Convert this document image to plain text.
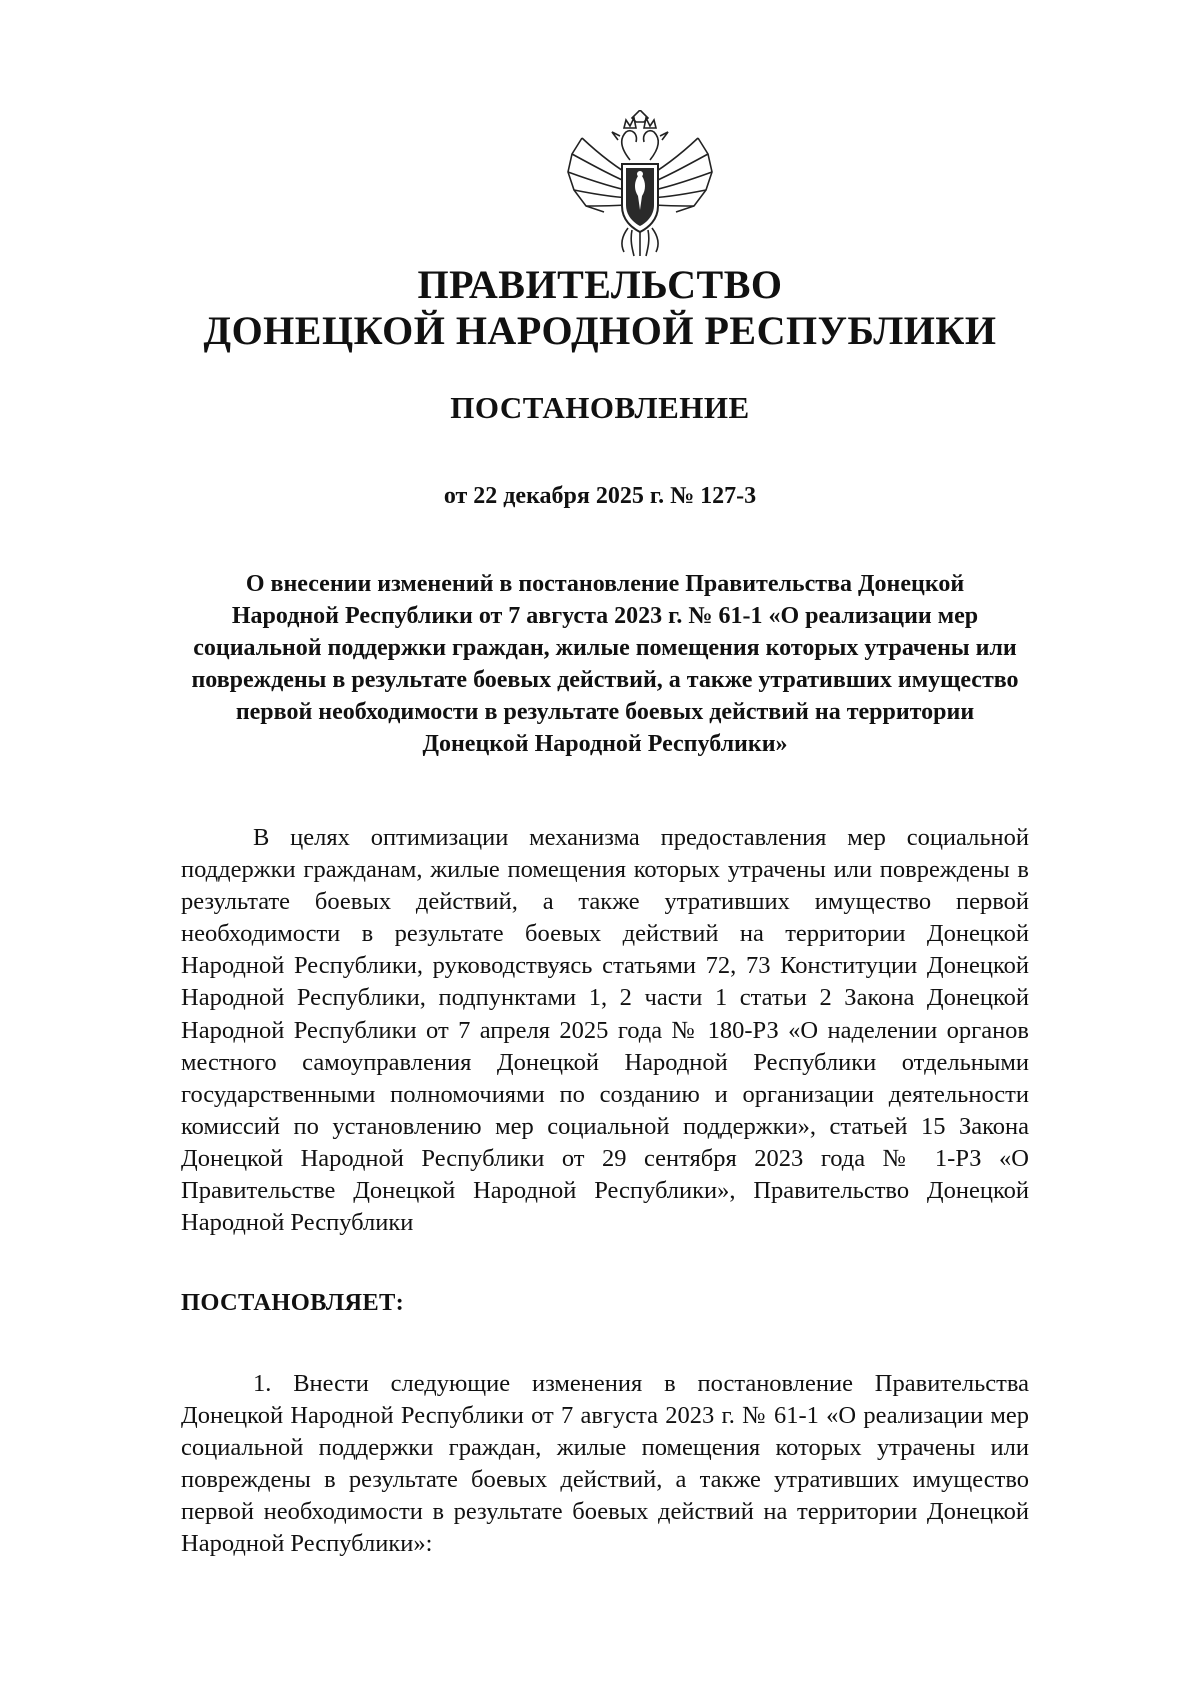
ПРАВИТЕЛЬСТВО
ДОНЕЦКОЙ НАРОДНОЙ РЕСПУБЛИКИ
ПОСТАНОВЛЕНИЕ

от 22 декабря 2025 г. № 127-3

О внесении изменений в постановление Правительства Донецкой Народной Республики от 7 августа 2023 г. № 61-1 «О реализации мер социальной поддержки граждан, жилые помещения которых утрачены или повреждены в результате боевых действий, а также утративших имущество первой необходимости в результате боевых действий на территории Донецкой Народной Республики»

В целях оптимизации механизма предоставления мер социальной поддержки гражданам, жилые помещения которых утрачены или повреждены в результате боевых действий, а также утративших имущество первой необходимости в результате боевых действий на территории Донецкой Народной Республики, руководствуясь статьями 72, 73 Конституции Донецкой Народной Республики, подпунктами 1, 2 части 1 статьи 2 Закона Донецкой Народной Республики от 7 апреля 2025 года № 180-РЗ «О наделении органов местного самоуправления Донецкой Народной Республики отдельными государственными полномочиями по созданию и организации деятельности комиссий по установлению мер социальной поддержки», статьей 15 Закона Донецкой Народной Республики от 29 сентября 2023 года № 1-РЗ «О Правительстве Донецкой Народной Республики», Правительство Донецкой Народной Республики

ПОСТАНОВЛЯЕТ:

1. Внести следующие изменения в постановление Правительства Донецкой Народной Республики от 7 августа 2023 г. № 61-1 «О реализации мер социальной поддержки граждан, жилые помещения которых утрачены или повреждены в результате боевых действий, а также утративших имущество первой необходимости в результате боевых действий на территории Донецкой Народной Республики»:
